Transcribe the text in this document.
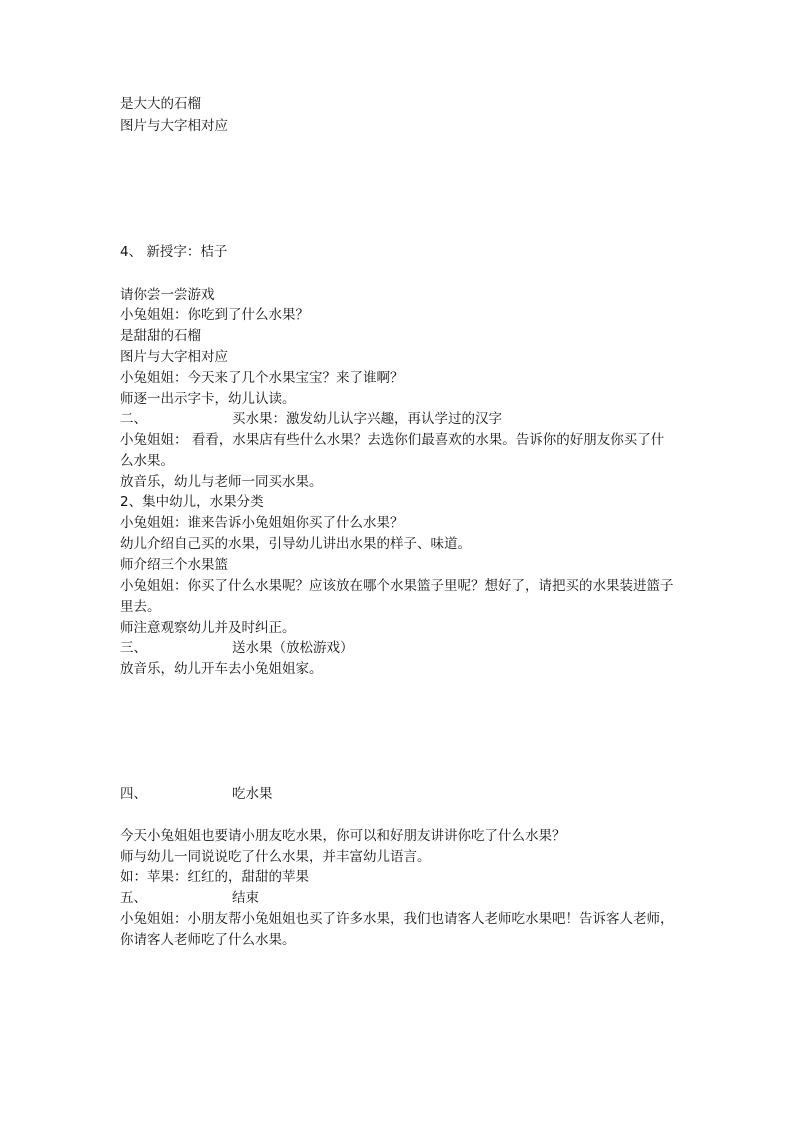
是大大的石榴
图片与大字相对应
4、 新授字：桔子
请你尝一尝游戏
小兔姐姐：你吃到了什么水果？
是甜甜的石榴
图片与大字相对应
小兔姐姐：今天来了几个水果宝宝？来了谁啊？
师逐一出示字卡，幼儿认读。
二、	买水果：激发幼儿认字兴趣，再认学过的汉字
小兔姐姐： 看看，水果店有些什么水果？去选你们最喜欢的水果。告诉你的好朋友你买了什么水果。
放音乐，幼儿与老师一同买水果。
2、集中幼儿，水果分类
小兔姐姐：谁来告诉小兔姐姐你买了什么水果？
幼儿介绍自己买的水果，引导幼儿讲出水果的样子、味道。
师介绍三个水果篮
小兔姐姐：你买了什么水果呢？应该放在哪个水果篮子里呢？想好了，请把买的水果装进篮子里去。
师注意观察幼儿并及时纠正。
三、	送水果（放松游戏）
放音乐，幼儿开车去小兔姐姐家。
四、	吃水果
今天小兔姐姐也要请小朋友吃水果，你可以和好朋友讲讲你吃了什么水果？
师与幼儿一同说说吃了什么水果，并丰富幼儿语言。
如：苹果：红红的，甜甜的苹果
五、	结束
小兔姐姐：小朋友帮小兔姐姐也买了许多水果，我们也请客人老师吃水果吧！告诉客人老师，你请客人老师吃了什么水果。
